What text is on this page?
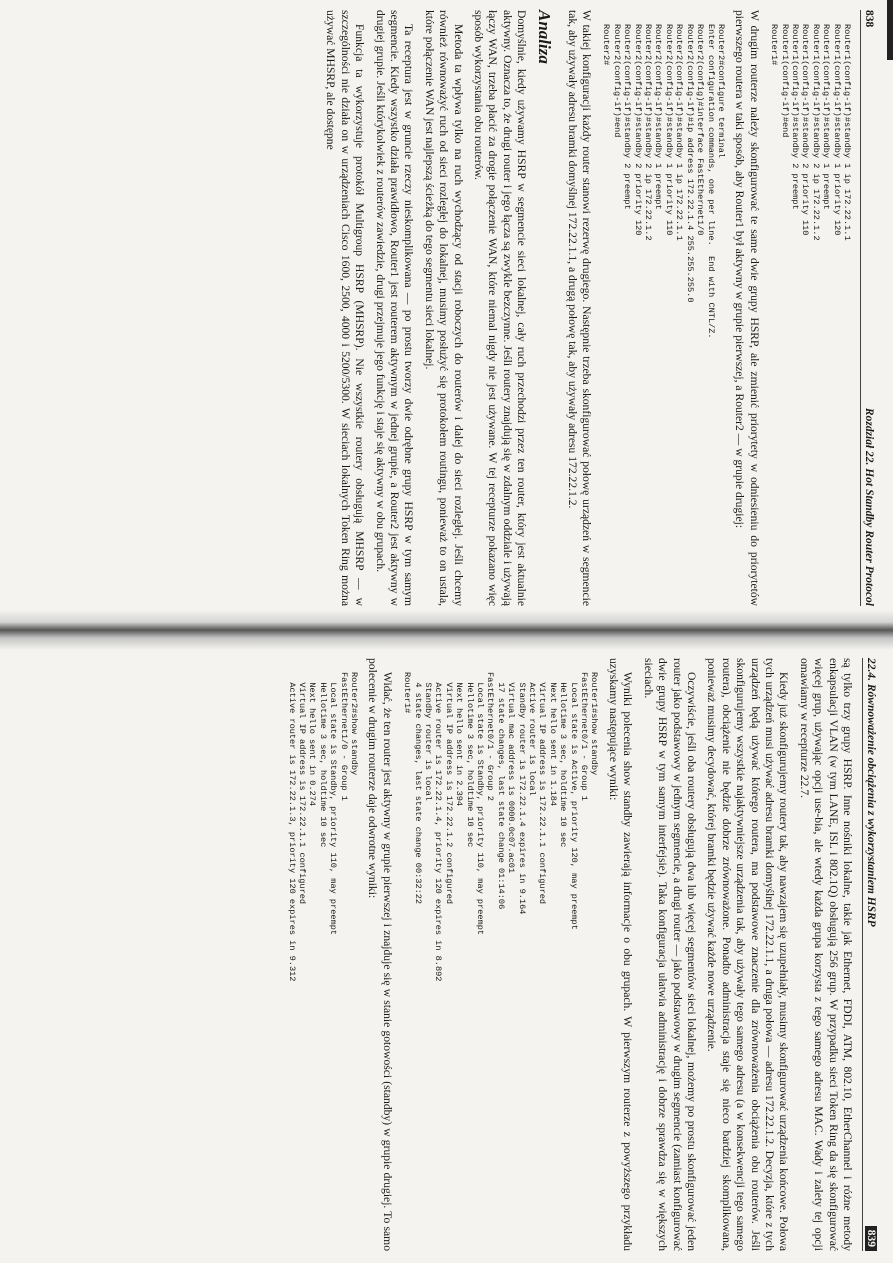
838
Rozdział 22. Hot Standby Router Protocol
Router1(config-if)#standby 1 ip 172.22.1.1
Router1(config-if)#standby 1 priority 120
Router1(config-if)#standby 1 preempt
Router1(config-if)#standby 2 ip 172.22.1.2
Router1(config-if)#standby 2 priority 110
Router1(config-if)#standby 2 preempt
Router1(config-if)#end
Router1#

W drugim routerze należy skonfigurować te same dwie grupy HSRP, ale zmienić priorytety w odniesieniu do priorytetów pierwszego routera w taki sposób, aby Router1 był aktywny w grupie pierwszej, a Router2 — w grupie drugiej:

Router2#configure terminal
Enter configuration commands, one per line.  End with CNTL/Z.
Router2(config)#interface FastEthernet1/0
Router2(config-if)#ip address 172.22.1.4 255.255.255.0
Router2(config-if)#standby 1 ip 172.22.1.1
Router2(config-if)#standby 1 priority 110
Router2(config-if)#standby 1 preempt
Router2(config-if)#standby 2 ip 172.22.1.2
Router2(config-if)#standby 2 priority 120
Router2(config-if)#standby 2 preempt
Router2(config-if)#end
Router2#

W takiej konfiguracji każdy router stanowi rezerwę drugiego. Następnie trzeba skonfigurować połowę urządzeń w segmencie tak, aby używały adresu bramki domyślnej 172.22.1.1, a drugą połowę tak, aby używały adresu 172.22.1.2.

Analiza

Domyślnie, kiedy używamy HSRP w segmencie sieci lokalnej, cały ruch przechodzi przez ten router, który jest aktualnie aktywny. Oznacza to, że drugi router i jego łącza są zwykle bezczynne. Jeśli routery znajdują się w zdalnym oddziale i używają łączy WAN, trzeba płacić za drogie połączenie WAN, które niemal nigdy nie jest używane. W tej recepturze pokazano więc sposób wykorzystania obu routerów.

Metoda ta wpływa tylko na ruch wychodzący od stacji roboczych do routerów i dalej do sieci rozległej. Jeśli chcemy również równoważyć ruch od sieci rozległej do lokalnej, musimy posłużyć się protokołem routingu, ponieważ to on ustala, które połączenie WAN jest najlepszą ścieżką do tego segmentu sieci lokalnej.

Ta receptura jest w gruncie rzeczy nieskomplikowana — po prostu tworzy dwie odrębne grupy HSRP w tym samym segmencie. Kiedy wszystko działa prawidłowo, Router1 jest routerem aktywnym w jednej grupie, a Router2 jest aktywny w drugiej grupie. Jeśli którykolwiek z routerów zawiedzie, drugi przejmuje jego funkcję i staje się aktywny w obu grupach.

Funkcja ta wykorzystuje protokół Multigroup HSRP (MHSRP). Nie wszystkie routery obsługują MHSRP — w szczególności nie działa on w urządzeniach Cisco 1600, 2500, 4000 i 5200/5300. W sieciach lokalnych Token Ring można używać MHSRP, ale dostępne

22.4. Równoważenie obciążenia z wykorzystaniem HSRP
839

są tylko trzy grupy HSRP. Inne nośniki lokalne, takie jak Ethernet, FDDI, ATM, 802.10, EtherChannel i różne metody enkapsulacji VLAN (w tym LANE, ISL i 802.1Q) obsługują 256 grup. W przypadku sieci Token Ring da się skonfigurować więcej grup, używając opcji use-bia, ale wtedy każda grupa korzysta z tego samego adresu MAC. Wady i zalety tej opcji omawiamy w recepturze 22.7.

Kiedy już skonfigurujemy routery tak, aby nawzajem się uzupełniały, musimy skonfigurować urządzenia końcowe. Połowa tych urządzeń musi używać adresu bramki domyślnej 172.22.1.1, a druga połowa — adresu 172.22.1.2. Decyzja, które z tych urządzeń będą używać którego routera, ma podstawowe znaczenie dla zrównoważenia obciążenia obu routerów. Jeśli skonfigurujemy wszystkie najaktywniejsze urządzenia tak, aby używały tego samego adresu (a w konsekwencji tego samego routera), obciążenie nie będzie dobrze zrównoważone. Ponadto administracja staje się nieco bardziej skomplikowana, ponieważ musimy decydować, której bramki będzie używać każde nowe urządzenie.

Oczywiście, jeśli oba routery obsługują dwa lub więcej segmentów sieci lokalnej, możemy po prostu skonfigurować jeden router jako podstawowy w jednym segmencie, a drugi router — jako podstawowy w drugim segmencie (zamiast konfigurować dwie grupy HSRP w tym samym interfejsie). Taka konfiguracja ułatwia administrację i dobrze sprawdza się w większych sieciach.

Wyniki polecenia show standby zawierają informacje o obu grupach. W pierwszym routerze z powyższego przykładu uzyskamy następujące wyniki:

Router1#show standby
FastEthernet0/1 - Group 1
Local state is Active, priority 120, may preempt
Hellotime 3 sec, holdtime 10 sec
Next hello sent in 1.184
Virtual IP address is 172.22.1.1 configured
Active router is local
Standby router is 172.22.1.4 expires in 9.164
Virtual mac address is 0000.0c07.ac01
17 state changes, last state change 01:14:06
FastEthernet0/1 - Group 2
Local state is Standby, priority 110, may preempt
Hellotime 3 sec, holdtime 10 sec
Next hello sent in 2.394
Virtual IP address is 172.22.1.2 configured
Active router is 172.22.1.4, priority 120 expires in 8.892
Standby router is local
4 state changes, last state change 00:32:22
Router1#

Widać, że ten router jest aktywny w grupie pierwszej i znajduje się w stanie gotowości (standby) w grupie drugiej. To samo polecenie w drugim routerze daje odwrotne wyniki:

Router2#show standby
FastEthernet1/0 - Group 1
Local state is Standby, priority 110, may preempt
Hellotime 3 sec, holdtime 10 sec
Next hello sent in 0.274
Virtual IP address is 172.22.1.1 configured
Active router is 172.22.1.3, priority 120 expires in 9.312
